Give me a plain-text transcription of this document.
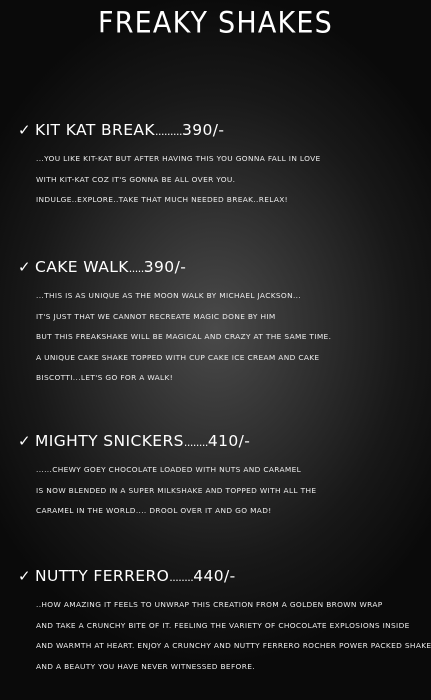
FREAKY SHAKES
✓ KIT KAT BREAK ......... 390/-
...YOU LIKE KIT-KAT BUT AFTER HAVING THIS YOU GONNA FALL IN LOVE
WITH KIT-KAT COZ IT'S GONNA BE ALL OVER YOU.
INDULGE..EXPLORE..TAKE THAT MUCH NEEDED BREAK..RELAX!
✓ CAKE WALK ..... 390/-
...THIS IS AS UNIQUE AS THE MOON WALK BY MICHAEL JACKSON...
IT'S JUST THAT WE CANNOT RECREATE MAGIC DONE BY HIM
BUT THIS FREAKSHAKE WILL BE MAGICAL AND CRAZY AT THE SAME TIME.
A UNIQUE CAKE SHAKE TOPPED WITH CUP CAKE ICE CREAM AND CAKE
BISCOTTI...LET'S GO FOR A WALK!
✓ MIGHTY SNICKERS ........ 410/-
......CHEWY GOEY CHOCOLATE LOADED WITH NUTS AND CARAMEL
IS NOW BLENDED IN A SUPER MILKSHAKE AND TOPPED WITH ALL THE
CARAMEL IN THE WORLD.... DROOL OVER IT AND GO MAD!
✓ NUTTY FERRERO ........ 440/-
..HOW AMAZING IT FEELS TO UNWRAP THIS CREATION FROM A GOLDEN BROWN WRAP
AND TAKE A CRUNCHY BITE OF IT. FEELING THE VARIETY OF CHOCOLATE EXPLOSIONS INSIDE
AND WARMTH AT HEART. ENJOY A CRUNCHY AND NUTTY FERRERO ROCHER POWER PACKED SHAKE
AND A BEAUTY YOU HAVE NEVER WITNESSED BEFORE.
